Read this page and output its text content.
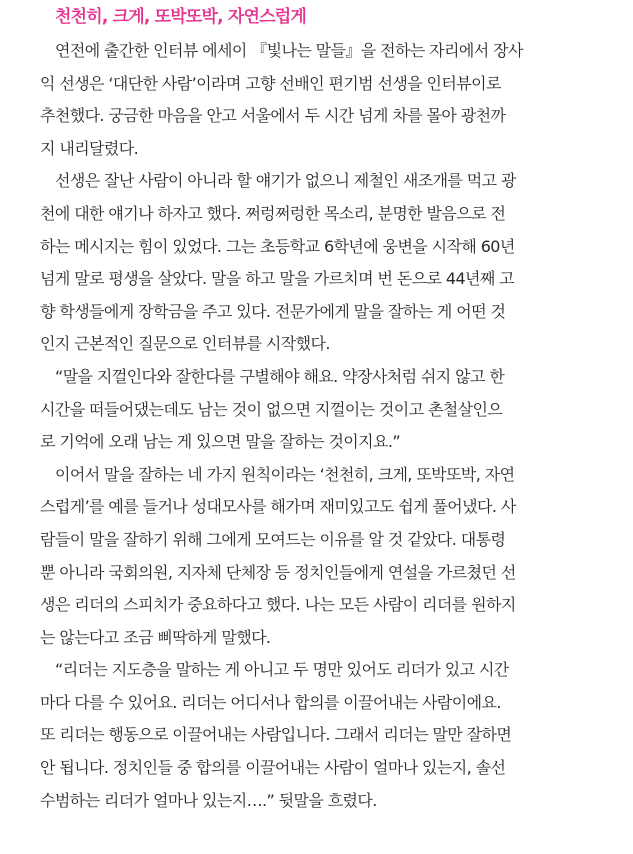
천천히, 크게, 또박또박, 자연스럽게
연전에 출간한 인터뷰 에세이 『빛나는 말들』을 전하는 자리에서 장사
익 선생은 ‘대단한 사람’이라며 고향 선배인 편기범 선생을 인터뷰이로
추천했다. 궁금한 마음을 안고 서울에서 두 시간 넘게 차를 몰아 광천까
지 내리달렸다.
선생은 잘난 사람이 아니라 할 얘기가 없으니 제철인 새조개를 먹고 광
천에 대한 얘기나 하자고 했다. 쩌렁쩌렁한 목소리, 분명한 발음으로 전
하는 메시지는 힘이 있었다. 그는 초등학교 6학년에 웅변을 시작해 60년
넘게 말로 평생을 살았다. 말을 하고 말을 가르치며 번 돈으로 44년째 고
향 학생들에게 장학금을 주고 있다. 전문가에게 말을 잘하는 게 어떤 것
인지 근본적인 질문으로 인터뷰를 시작했다.
“말을 지껄인다와 잘한다를 구별해야 해요. 약장사처럼 쉬지 않고 한
시간을 떠들어댔는데도 남는 것이 없으면 지껄이는 것이고 촌철살인으
로 기억에 오래 남는 게 있으면 말을 잘하는 것이지요.”
이어서 말을 잘하는 네 가지 원칙이라는 ‘천천히, 크게, 또박또박, 자연
스럽게’를 예를 들거나 성대모사를 해가며 재미있고도 쉽게 풀어냈다. 사
람들이 말을 잘하기 위해 그에게 모여드는 이유를 알 것 같았다. 대통령
뿐 아니라 국회의원, 지자체 단체장 등 정치인들에게 연설을 가르쳤던 선
생은 리더의 스피치가 중요하다고 했다. 나는 모든 사람이 리더를 원하지
는 않는다고 조금 삐딱하게 말했다.
“리더는 지도층을 말하는 게 아니고 두 명만 있어도 리더가 있고 시간
마다 다를 수 있어요. 리더는 어디서나 합의를 이끌어내는 사람이에요.
또 리더는 행동으로 이끌어내는 사람입니다. 그래서 리더는 말만 잘하면
안 됩니다. 정치인들 중 합의를 이끌어내는 사람이 얼마나 있는지, 솔선
수범하는 리더가 얼마나 있는지….” 뒷말을 흐렸다.
